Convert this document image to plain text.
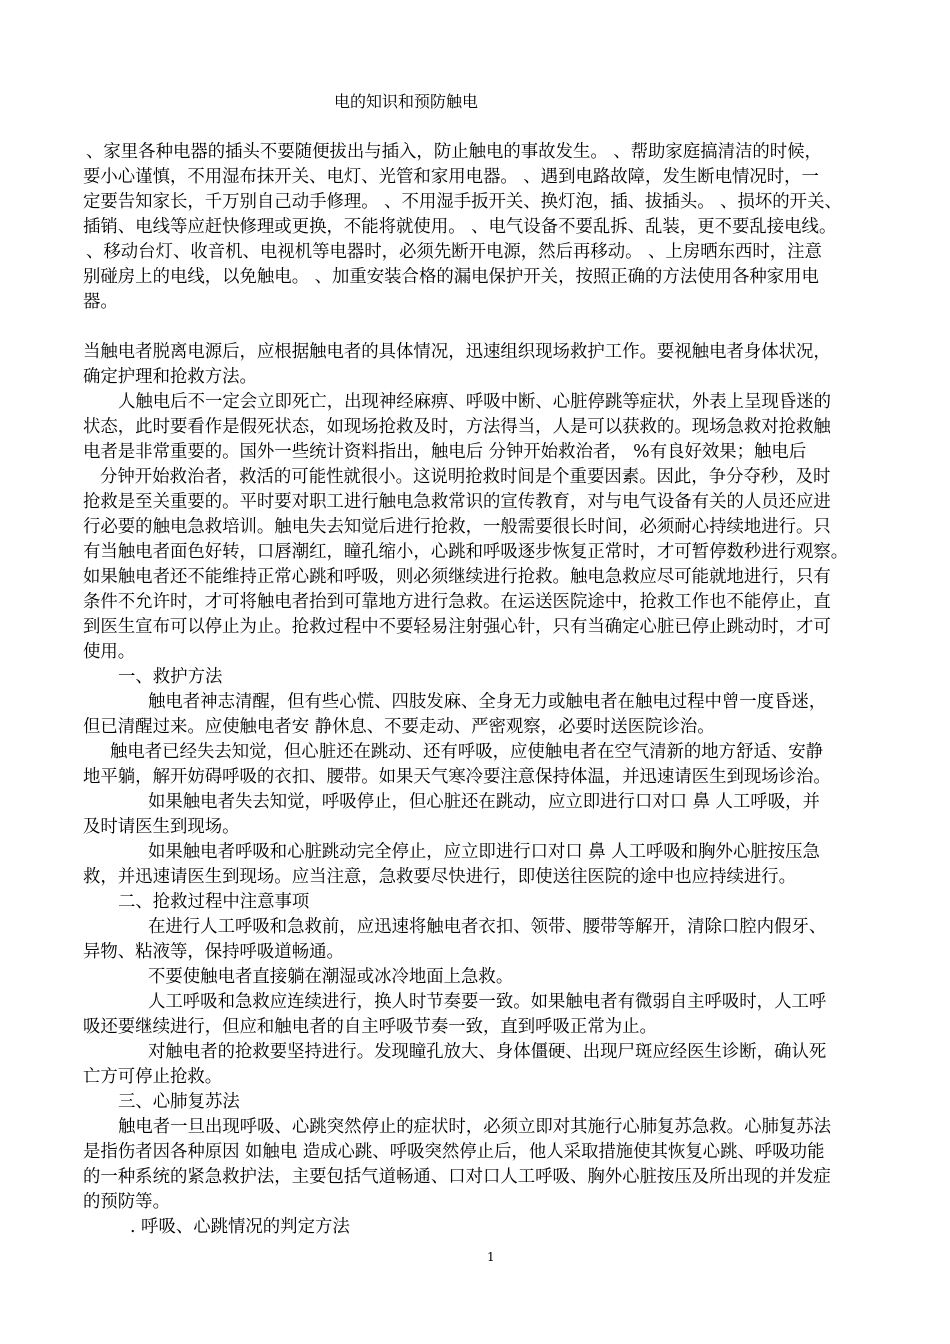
电的知识和预防触电
、家里各种电器的插头不要随便拔出与插入，防止触电的事故发生。 、帮助家庭搞清洁的时候，
要小心谨慎，不用湿布抹开关、电灯、光管和家用电器。 、遇到电路故障，发生断电情况时，一
定要告知家长，千万别自己动手修理。 、不用湿手扳开关、换灯泡，插、拔插头。 、损坏的开关、
插销、电线等应赶快修理或更换，不能将就使用。 、电气设备不要乱拆、乱装，更不要乱接电线。
、移动台灯、收音机、电视机等电器时，必须先断开电源，然后再移动。 、上房晒东西时，注意
别碰房上的电线，以免触电。 、加重安装合格的漏电保护开关，按照正确的方法使用各种家用电
器。
当触电者脱离电源后，应根据触电者的具体情况，迅速组织现场救护工作。要视触电者身体状况，
确定护理和抢救方法。
人触电后不一定会立即死亡，出现神经麻痹、呼吸中断、心脏停跳等症状，外表上呈现昏迷的
状态，此时要看作是假死状态，如现场抢救及时，方法得当，人是可以获救的。现场急救对抢救触
电者是非常重要的。国外一些统计资料指出，触电后 分钟开始救治者， %有良好效果；触电后
分钟开始救治者，救活的可能性就很小。这说明抢救时间是个重要因素。因此，争分夺秒，及时
抢救是至关重要的。平时要对职工进行触电急救常识的宣传教育，对与电气设备有关的人员还应进
行必要的触电急救培训。触电失去知觉后进行抢救，一般需要很长时间，必须耐心持续地进行。只
有当触电者面色好转，口唇潮红，瞳孔缩小，心跳和呼吸逐步恢复正常时，才可暂停数秒进行观察。
如果触电者还不能维持正常心跳和呼吸，则必须继续进行抢救。触电急救应尽可能就地进行，只有
条件不允许时，才可将触电者抬到可靠地方进行急救。在运送医院途中，抢救工作也不能停止，直
到医生宣布可以停止为止。抢救过程中不要轻易注射强心针，只有当确定心脏已停止跳动时，才可
使用。
一、救护方法
触电者神志清醒，但有些心慌、四肢发麻、全身无力或触电者在触电过程中曾一度昏迷，
但已清醒过来。应使触电者安 静休息、不要走动、严密观察，必要时送医院诊治。
触电者已经失去知觉，但心脏还在跳动、还有呼吸，应使触电者在空气清新的地方舒适、安静
地平躺，解开妨碍呼吸的衣扣、腰带。如果天气寒冷要注意保持体温，并迅速请医生到现场诊治。
如果触电者失去知觉，呼吸停止，但心脏还在跳动，应立即进行口对口 鼻 人工呼吸，并
及时请医生到现场。
如果触电者呼吸和心脏跳动完全停止，应立即进行口对口 鼻 人工呼吸和胸外心脏按压急
救，并迅速请医生到现场。应当注意，急救要尽快进行，即使送往医院的途中也应持续进行。
二、抢救过程中注意事项
在进行人工呼吸和急救前，应迅速将触电者衣扣、领带、腰带等解开，清除口腔内假牙、
异物、粘液等，保持呼吸道畅通。
不要使触电者直接躺在潮湿或冰冷地面上急救。
人工呼吸和急救应连续进行，换人时节奏要一致。如果触电者有微弱自主呼吸时，人工呼
吸还要继续进行，但应和触电者的自主呼吸节奏一致，直到呼吸正常为止。
对触电者的抢救要坚持进行。发现瞳孔放大、身体僵硬、出现尸斑应经医生诊断，确认死
亡方可停止抢救。
三、心肺复苏法
触电者一旦出现呼吸、心跳突然停止的症状时，必须立即对其施行心肺复苏急救。心肺复苏法
是指伤者因各种原因 如触电 造成心跳、呼吸突然停止后，他人采取措施使其恢复心跳、呼吸功能
的一种系统的紧急救护法，主要包括气道畅通、口对口人工呼吸、胸外心脏按压及所出现的并发症
的预防等。
. 呼吸、心跳情况的判定方法
1
